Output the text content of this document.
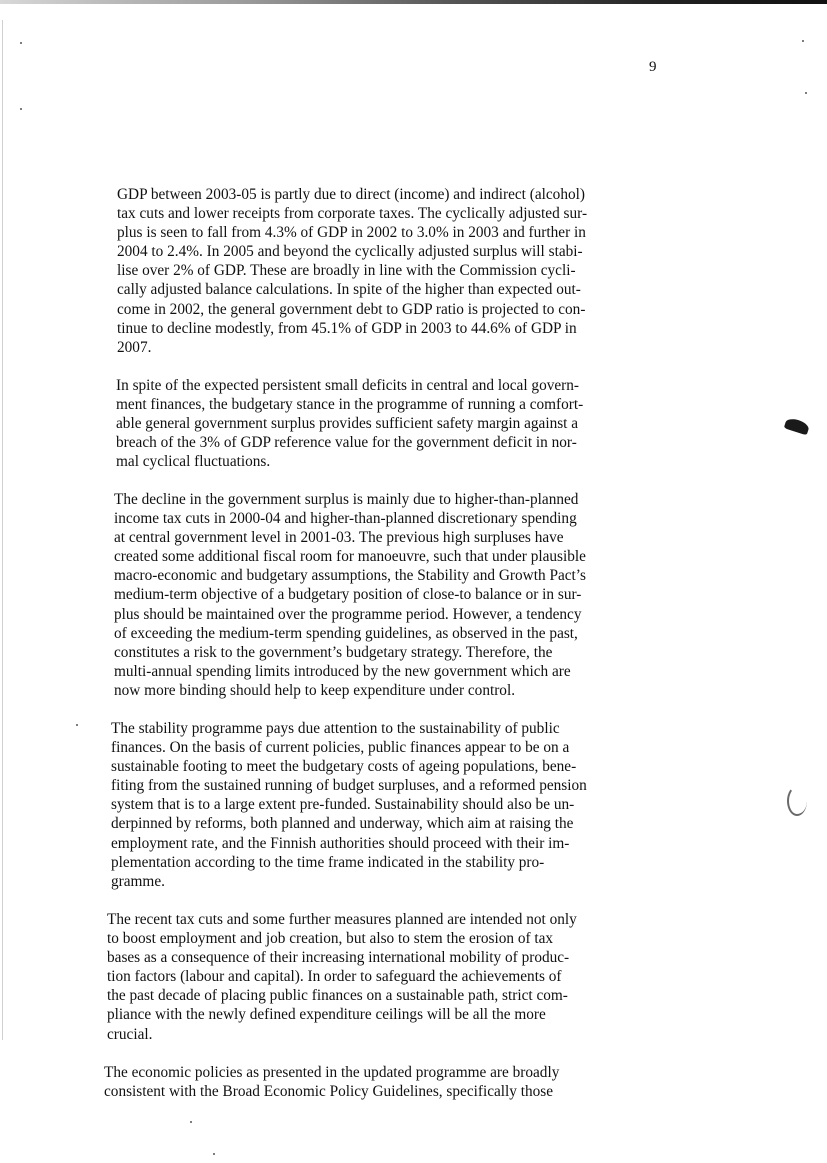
9
GDP between 2003-05 is partly due to direct (income) and indirect (alcohol)
tax cuts and lower receipts from corporate taxes. The cyclically adjusted sur-
plus is seen to fall from 4.3% of GDP in 2002 to 3.0% in 2003 and further in
2004 to 2.4%. In 2005 and beyond the cyclically adjusted surplus will stabi-
lise over 2% of GDP. These are broadly in line with the Commission cycli-
cally adjusted balance calculations. In spite of the higher than expected out-
come in 2002, the general government debt to GDP ratio is projected to con-
tinue to decline modestly, from 45.1% of GDP in 2003 to 44.6% of GDP in
2007.
In spite of the expected persistent small deficits in central and local govern-
ment finances, the budgetary stance in the programme of running a comfort-
able general government surplus provides sufficient safety margin against a
breach of the 3% of GDP reference value for the government deficit in nor-
mal cyclical fluctuations.
The decline in the government surplus is mainly due to higher-than-planned
income tax cuts in 2000-04 and higher-than-planned discretionary spending
at central government level in 2001-03. The previous high surpluses have
created some additional fiscal room for manoeuvre, such that under plausible
macro-economic and budgetary assumptions, the Stability and Growth Pact’s
medium-term objective of a budgetary position of close-to balance or in sur-
plus should be maintained over the programme period. However, a tendency
of exceeding the medium-term spending guidelines, as observed in the past,
constitutes a risk to the government’s budgetary strategy. Therefore, the
multi-annual spending limits introduced by the new government which are
now more binding should help to keep expenditure under control.
The stability programme pays due attention to the sustainability of public
finances. On the basis of current policies, public finances appear to be on a
sustainable footing to meet the budgetary costs of ageing populations, bene-
fiting from the sustained running of budget surpluses, and a reformed pension
system that is to a large extent pre-funded. Sustainability should also be un-
derpinned by reforms, both planned and underway, which aim at raising the
employment rate, and the Finnish authorities should proceed with their im-
plementation according to the time frame indicated in the stability pro-
gramme.
The recent tax cuts and some further measures planned are intended not only
to boost employment and job creation, but also to stem the erosion of tax
bases as a consequence of their increasing international mobility of produc-
tion factors (labour and capital). In order to safeguard the achievements of
the past decade of placing public finances on a sustainable path, strict com-
pliance with the newly defined expenditure ceilings will be all the more
crucial.
The economic policies as presented in the updated programme are broadly
consistent with the Broad Economic Policy Guidelines, specifically those
